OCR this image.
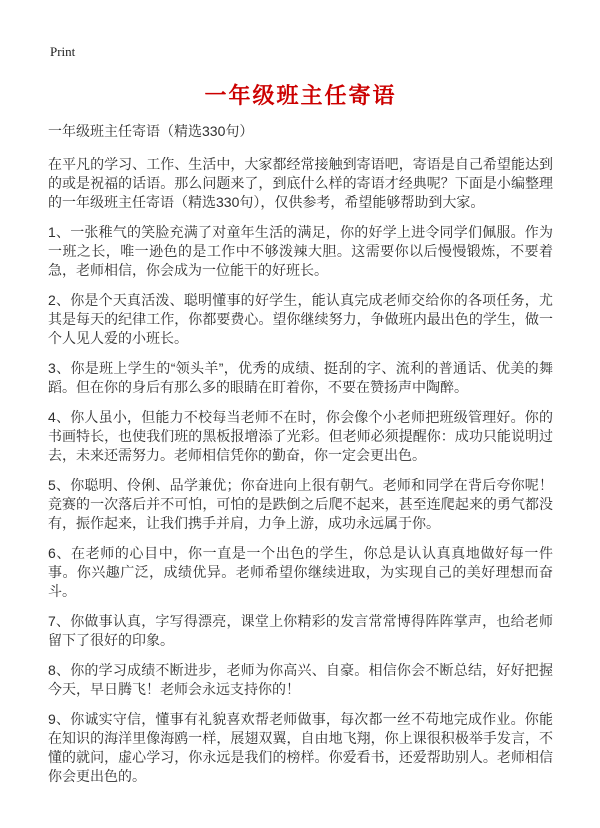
Print
一年级班主任寄语
一年级班主任寄语（精选330句）

在平凡的学习、工作、生活中，大家都经常接触到寄语吧，寄语是自己希望能达到的或是祝福的话语。那么问题来了，到底什么样的寄语才经典呢？下面是小编整理的一年级班主任寄语（精选330句），仅供参考，希望能够帮助到大家。

1、一张稚气的笑脸充满了对童年生活的满足，你的好学上进令同学们佩服。作为一班之长，唯一逊色的是工作中不够泼辣大胆。这需要你以后慢慢锻炼，不要着急，老师相信，你会成为一位能干的好班长。

2、你是个天真活泼、聪明懂事的好学生，能认真完成老师交给你的各项任务，尤其是每天的纪律工作，你都要费心。望你继续努力，争做班内最出色的学生，做一个人见人爱的小班长。

3、你是班上学生的“领头羊”，优秀的成绩、挺刮的字、流利的普通话、优美的舞蹈。但在你的身后有那么多的眼睛在盯着你，不要在赞扬声中陶醉。

4、你人虽小，但能力不校每当老师不在时，你会像个小老师把班级管理好。你的书画特长，也使我们班的黑板报增添了光彩。但老师必须提醒你：成功只能说明过去，未来还需努力。老师相信凭你的勤奋，你一定会更出色。

5、你聪明、伶俐、品学兼优；你奋进向上很有朝气。老师和同学在背后夸你呢！竞赛的一次落后并不可怕，可怕的是跌倒之后爬不起来，甚至连爬起来的勇气都没有，振作起来，让我们携手并肩，力争上游，成功永远属于你。

6、在老师的心目中，你一直是一个出色的学生，你总是认认真真地做好每一件事。你兴趣广泛，成绩优异。老师希望你继续进取，为实现自己的美好理想而奋斗。

7、你做事认真，字写得漂亮，课堂上你精彩的发言常常博得阵阵掌声，也给老师留下了很好的印象。

8、你的学习成绩不断进步，老师为你高兴、自豪。相信你会不断总结，好好把握今天，早日腾飞！老师会永远支持你的！

9、你诚实守信，懂事有礼貌喜欢帮老师做事，每次都一丝不苟地完成作业。你能在知识的海洋里像海鸥一样，展翅双翼，自由地飞翔，你上课很积极举手发言，不懂的就问，虚心学习，你永远是我们的榜样。你爱看书，还爱帮助别人。老师相信你会更出色的。
